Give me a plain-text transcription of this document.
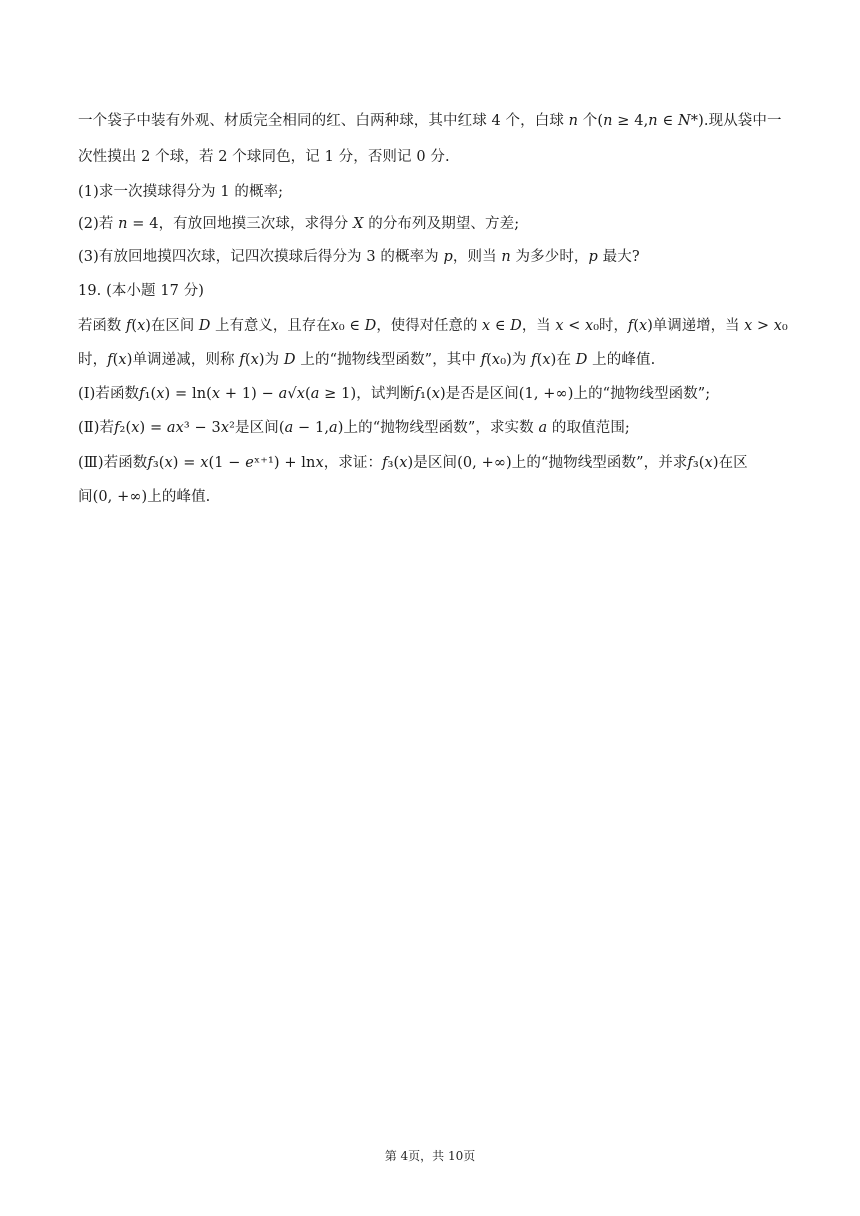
一个袋子中装有外观、材质完全相同的红、白两种球，其中红球 4 个，白球 𝑛 个(𝑛 ≥ 4,𝑛 ∈ 𝑁*).现从袋中一
次性摸出 2 个球，若 2 个球同色，记 1 分，否则记 0 分.
(1)求一次摸球得分为 1 的概率;
(2)若 𝑛 = 4，有放回地摸三次球，求得分 𝑋 的分布列及期望、方差;
(3)有放回地摸四次球，记四次摸球后得分为 3 的概率为 𝑝，则当 𝑛 为多少时，𝑝 最大?
19. (本小题 17 分)
若函数 𝑓(𝑥)在区间 𝐷 上有意义，且存在𝑥₀ ∈ 𝐷，使得对任意的 𝑥 ∈ 𝐷，当 𝑥 < 𝑥₀时，𝑓(𝑥)单调递增，当 𝑥 > 𝑥₀
时，𝑓(𝑥)单调递减，则称 𝑓(𝑥)为 𝐷 上的“抛物线型函数”，其中 𝑓(𝑥₀)为 𝑓(𝑥)在 𝐷 上的峰值.
(Ⅰ)若函数𝑓₁(𝑥) = ln(𝑥 + 1) − 𝑎√𝑥(𝑎 ≥ 1)，试判断𝑓₁(𝑥)是否是区间(1, +∞)上的“抛物线型函数”;
(Ⅱ)若𝑓₂(𝑥) = 𝑎𝑥³ − 3𝑥²是区间(𝑎 − 1,𝑎)上的“抛物线型函数”，求实数 𝑎 的取值范围;
(Ⅲ)若函数𝑓₃(𝑥) = 𝑥(1 − 𝑒ˣ⁺¹) + ln𝑥，求证：𝑓₃(𝑥)是区间(0, +∞)上的“抛物线型函数”，并求𝑓₃(𝑥)在区
间(0, +∞)上的峰值.
第 4页，共 10页
